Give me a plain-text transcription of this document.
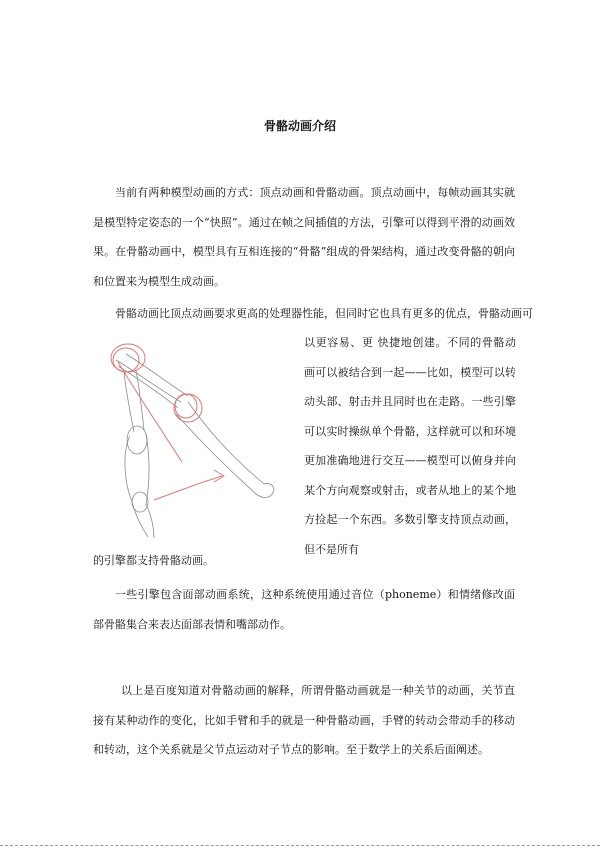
骨骼动画介绍

当前有两种模型动画的方式：顶点动画和骨骼动画。顶点动画中，每帧动画其实就是模型特定姿态的一个“快照”。通过在帧之间插值的方法，引擎可以得到平滑的动画效果。在骨骼动画中，模型具有互相连接的“骨骼”组成的骨架结构，通过改变骨骼的朝向和位置来为模型生成动画。

骨骼动画比顶点动画要求更高的处理器性能，但同时它也具有更多的优点，骨骼动画可

以更容易、更 快捷地创建。不同的骨骼动画可以被结合到一起——比如，模型可以转动头部、射击并且同时也在走路。一些引擎可以实时操纵单个骨骼，这样就可以和环境更加准确地进行交互——模型可以俯身并向某个方向观察或射击，或者从地上的某个地方捡起一个东西。多数引擎支持顶点动画，但不是所有

的引擎都支持骨骼动画。

一些引擎包含面部动画系统，这种系统使用通过音位（phoneme）和情绪修改面部骨骼集合来表达面部表情和嘴部动作。

以上是百度知道对骨骼动画的解释，所谓骨骼动画就是一种关节的动画，关节直接有某种动作的变化，比如手臂和手的就是一种骨骼动画，手臂的转动会带动手的移动和转动，这个关系就是父节点运动对子节点的影响。至于数学上的关系后面阐述。
